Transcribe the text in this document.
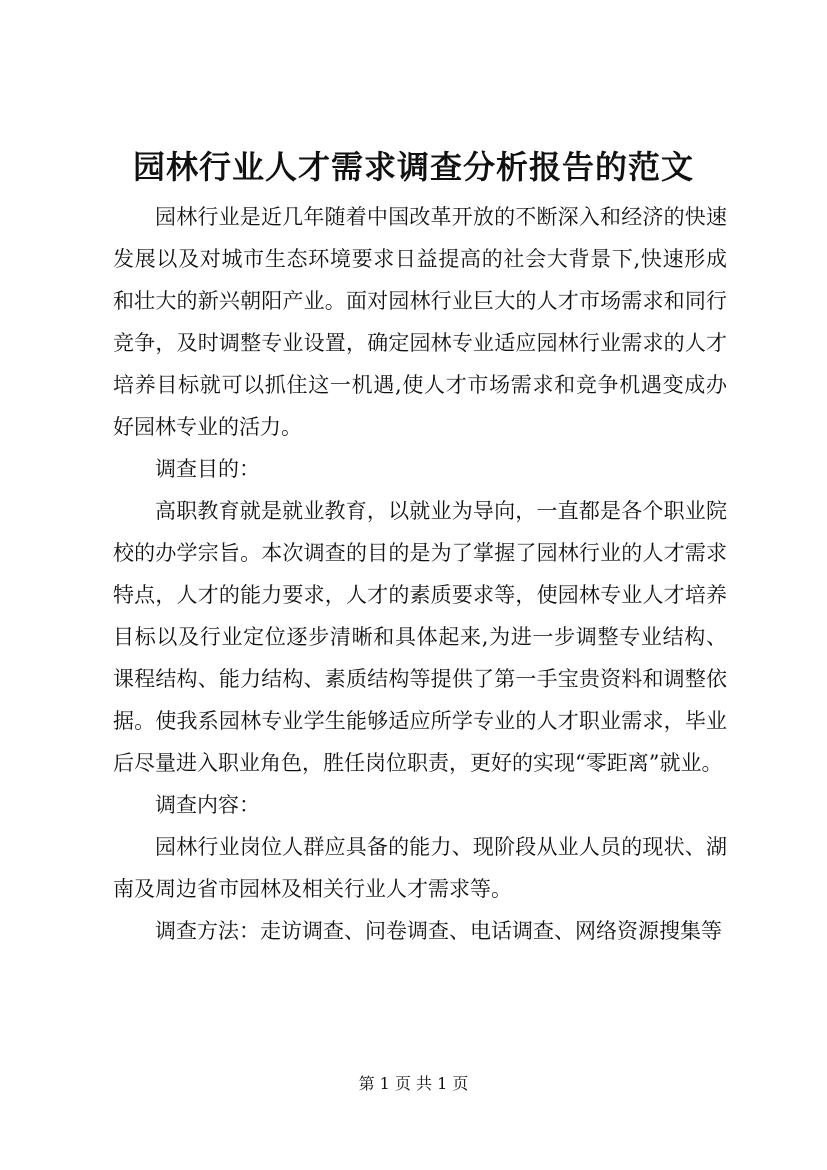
园林行业人才需求调查分析报告的范文

园林行业是近几年随着中国改革开放的不断深入和经济的快速发展以及对城市生态环境要求日益提高的社会大背景下,快速形成和壮大的新兴朝阳产业。面对园林行业巨大的人才市场需求和同行竞争，及时调整专业设置，确定园林专业适应园林行业需求的人才培养目标就可以抓住这一机遇,使人才市场需求和竞争机遇变成办好园林专业的活力。

调查目的：

高职教育就是就业教育，以就业为导向，一直都是各个职业院校的办学宗旨。本次调查的目的是为了掌握了园林行业的人才需求特点，人才的能力要求，人才的素质要求等，使园林专业人才培养目标以及行业定位逐步清晰和具体起来,为进一步调整专业结构、课程结构、能力结构、素质结构等提供了第一手宝贵资料和调整依据。使我系园林专业学生能够适应所学专业的人才职业需求，毕业后尽量进入职业角色，胜任岗位职责，更好的实现“零距离”就业。

调查内容：

园林行业岗位人群应具备的能力、现阶段从业人员的现状、湖南及周边省市园林及相关行业人才需求等。

调查方法：走访调查、问卷调查、电话调查、网络资源搜集等

第 1 页 共 1 页
